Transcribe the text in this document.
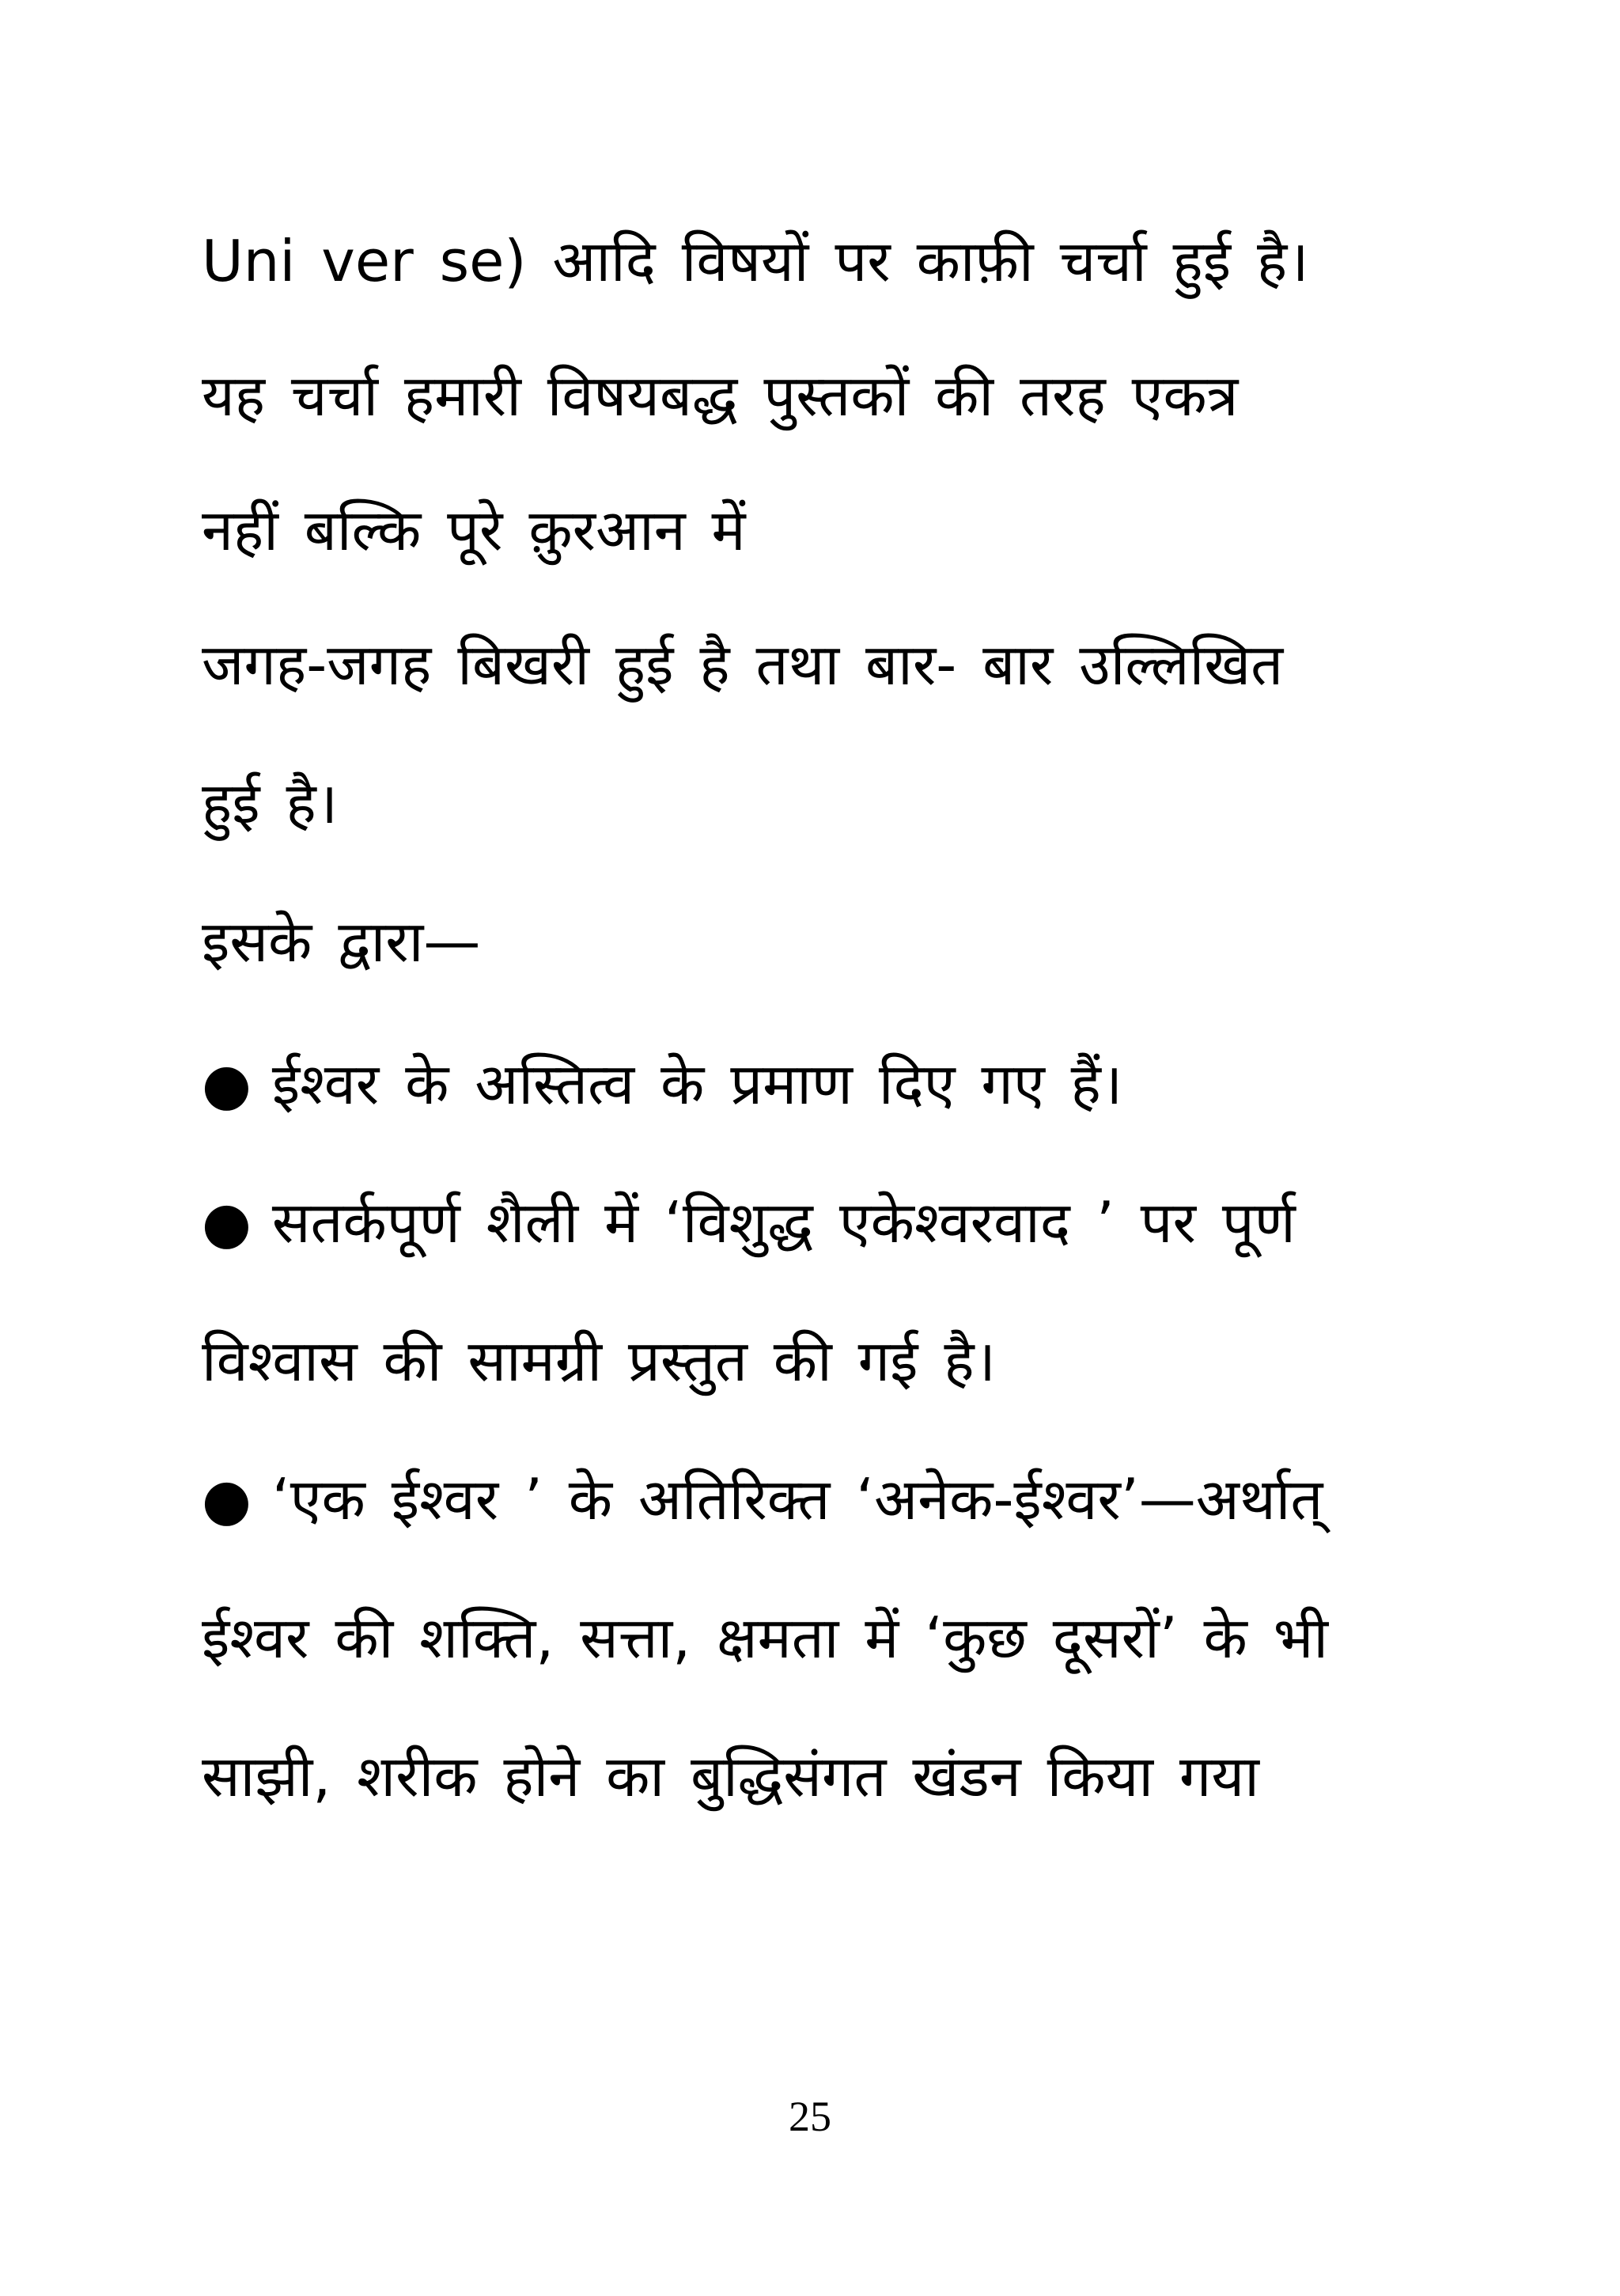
Uni ver se) आदि विषयों पर काफ़ी चर्चा हुई है।
यह चर्चा हमारी विषयबद्ध पुस्तकों की तरह एकत्र
नहीं बल्कि पूरे क़ुरआन में
जगह-जगह बिखरी हुई है तथा बार- बार उल्लिखित
हुई है।
इसके द्वारा—
● ईश्वर के अस्तित्व के प्रमाण दिए गए हैं।
● सतर्कपूर्ण शैली में ‘विशुद्ध एकेश्वरवाद ’ पर पूर्ण
विश्वास की सामग्री प्रस्तुत की गई है।
● ‘एक ईश्वर ’ के अतिरिक्त ‘अनेक-ईश्वर’—अर्थात्
ईश्वर की शक्ति, सत्ता, क्षमता में ‘कुछ दूसरों’ के भी
साझी, शरीक होने का बुद्धिसंगत खंडन किया गया
25
